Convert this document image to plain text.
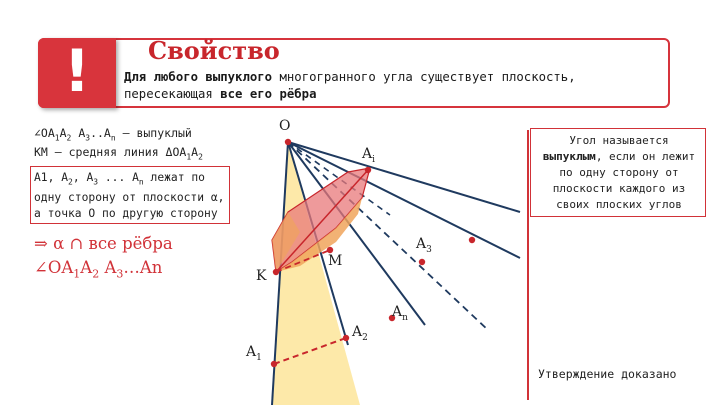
!	Свойство
Для любого выпуклого многогранного угла существует плоскость, пересекающая все его рёбра
$\angle OA_1A_2$ $A_3..A_n$ — выпуклый
KM — средняя линия $\Delta OA_1A_2$
A1, $A_2$, $A_3$ ... $A_n$ лежат по одну сторону от плоскости α,
а точка O по другую сторону
⇒ α ∩ все рёбра
$\angle OA_1A_2$ $A_3\dots An$
Угол называется
выпуклым, если он лежит по одну сторону от плоскости каждого из своих плоских углов
Утверждение доказано
O
$A_i$
$A_3$
M
K
$A_n$
$A_2$
$A_1$
